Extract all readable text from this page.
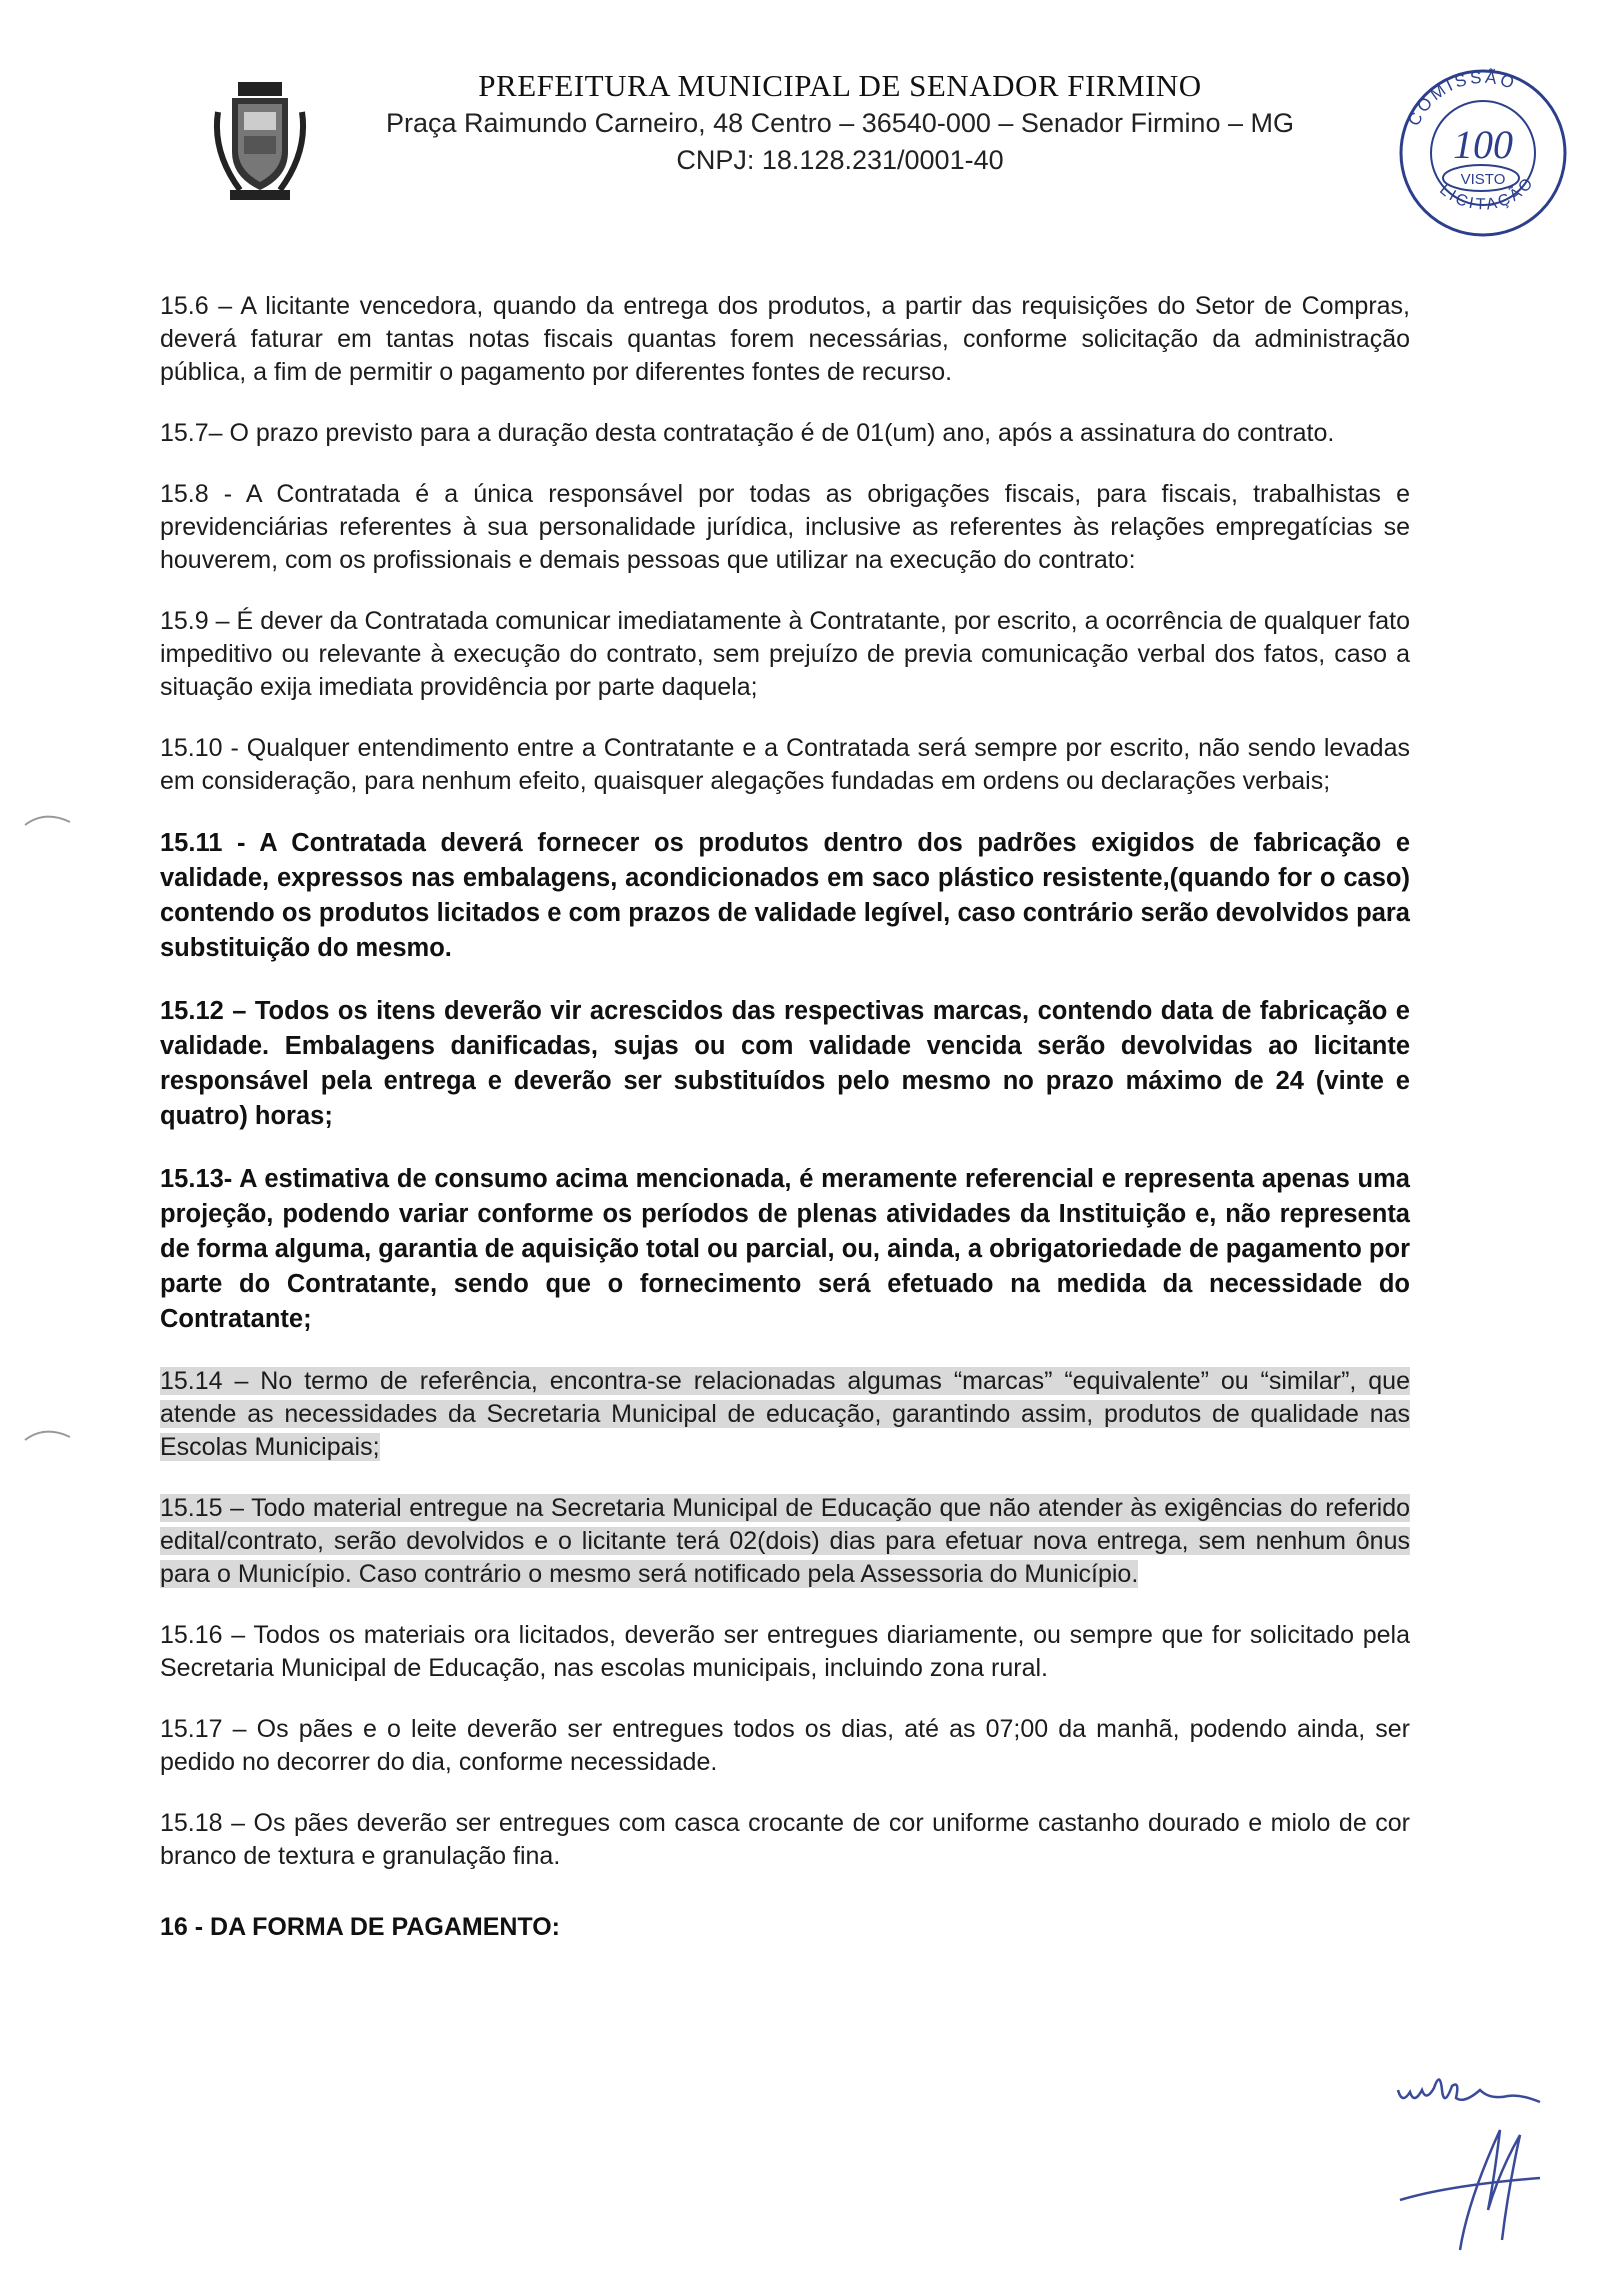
PREFEITURA MUNICIPAL DE SENADOR FIRMINO
Praça Raimundo Carneiro, 48 Centro – 36540-000 – Senador Firmino – MG
CNPJ: 18.128.231/0001-40
COMISSÃO
100
VISTO
LICITAÇÃO

15.6 – A licitante vencedora, quando da entrega dos produtos, a partir das requisições do Setor de Compras, deverá faturar em tantas notas fiscais quantas forem necessárias, conforme solicitação da administração pública, a fim de permitir o pagamento por diferentes fontes de recurso.

15.7– O prazo previsto para a duração desta contratação é de 01(um) ano, após a assinatura do contrato.

15.8 - A Contratada é a única responsável por todas as obrigações fiscais, para fiscais, trabalhistas e previdenciárias referentes à sua personalidade jurídica, inclusive as referentes às relações empregatícias se houverem, com os profissionais e demais pessoas que utilizar na execução do contrato:

15.9 – É dever da Contratada comunicar imediatamente à Contratante, por escrito, a ocorrência de qualquer fato impeditivo ou relevante à execução do contrato, sem prejuízo de previa comunicação verbal dos fatos, caso a situação exija imediata providência por parte daquela;

15.10 - Qualquer entendimento entre a Contratante e a Contratada será sempre por escrito, não sendo levadas em consideração, para nenhum efeito, quaisquer alegações fundadas em ordens ou declarações verbais;

15.11 - A Contratada deverá fornecer os produtos dentro dos padrões exigidos de fabricação e validade, expressos nas embalagens, acondicionados em saco plástico resistente,(quando for o caso) contendo os produtos licitados e com prazos de validade legível, caso contrário serão devolvidos para substituição do mesmo.

15.12 – Todos os itens deverão vir acrescidos das respectivas marcas, contendo data de fabricação e validade. Embalagens danificadas, sujas ou com validade vencida serão devolvidas ao licitante responsável pela entrega e deverão ser substituídos pelo mesmo no prazo máximo de 24 (vinte e quatro) horas;

15.13- A estimativa de consumo acima mencionada, é meramente referencial e representa apenas uma projeção, podendo variar conforme os períodos de plenas atividades da Instituição e, não representa de forma alguma, garantia de aquisição total ou parcial, ou, ainda, a obrigatoriedade de pagamento por parte do Contratante, sendo que o fornecimento será efetuado na medida da necessidade do Contratante;

15.14 – No termo de referência, encontra-se relacionadas algumas “marcas” “equivalente” ou “similar”, que atende as necessidades da Secretaria Municipal de educação, garantindo assim, produtos de qualidade nas Escolas Municipais;

15.15 – Todo material entregue na Secretaria Municipal de Educação que não atender às exigências do referido edital/contrato, serão devolvidos e o licitante terá 02(dois) dias para efetuar nova entrega, sem nenhum ônus para o Município. Caso contrário o mesmo será notificado pela Assessoria do Município.

15.16 – Todos os materiais ora licitados, deverão ser entregues diariamente, ou sempre que for solicitado pela Secretaria Municipal de Educação, nas escolas municipais, incluindo zona rural.

15.17 – Os pães e o leite deverão ser entregues todos os dias, até as 07;00 da manhã, podendo ainda, ser pedido no decorrer do dia, conforme necessidade.

15.18 – Os pães deverão ser entregues com casca crocante de cor uniforme castanho dourado e miolo de cor branco de textura e granulação fina.

16 - DA FORMA DE PAGAMENTO:
